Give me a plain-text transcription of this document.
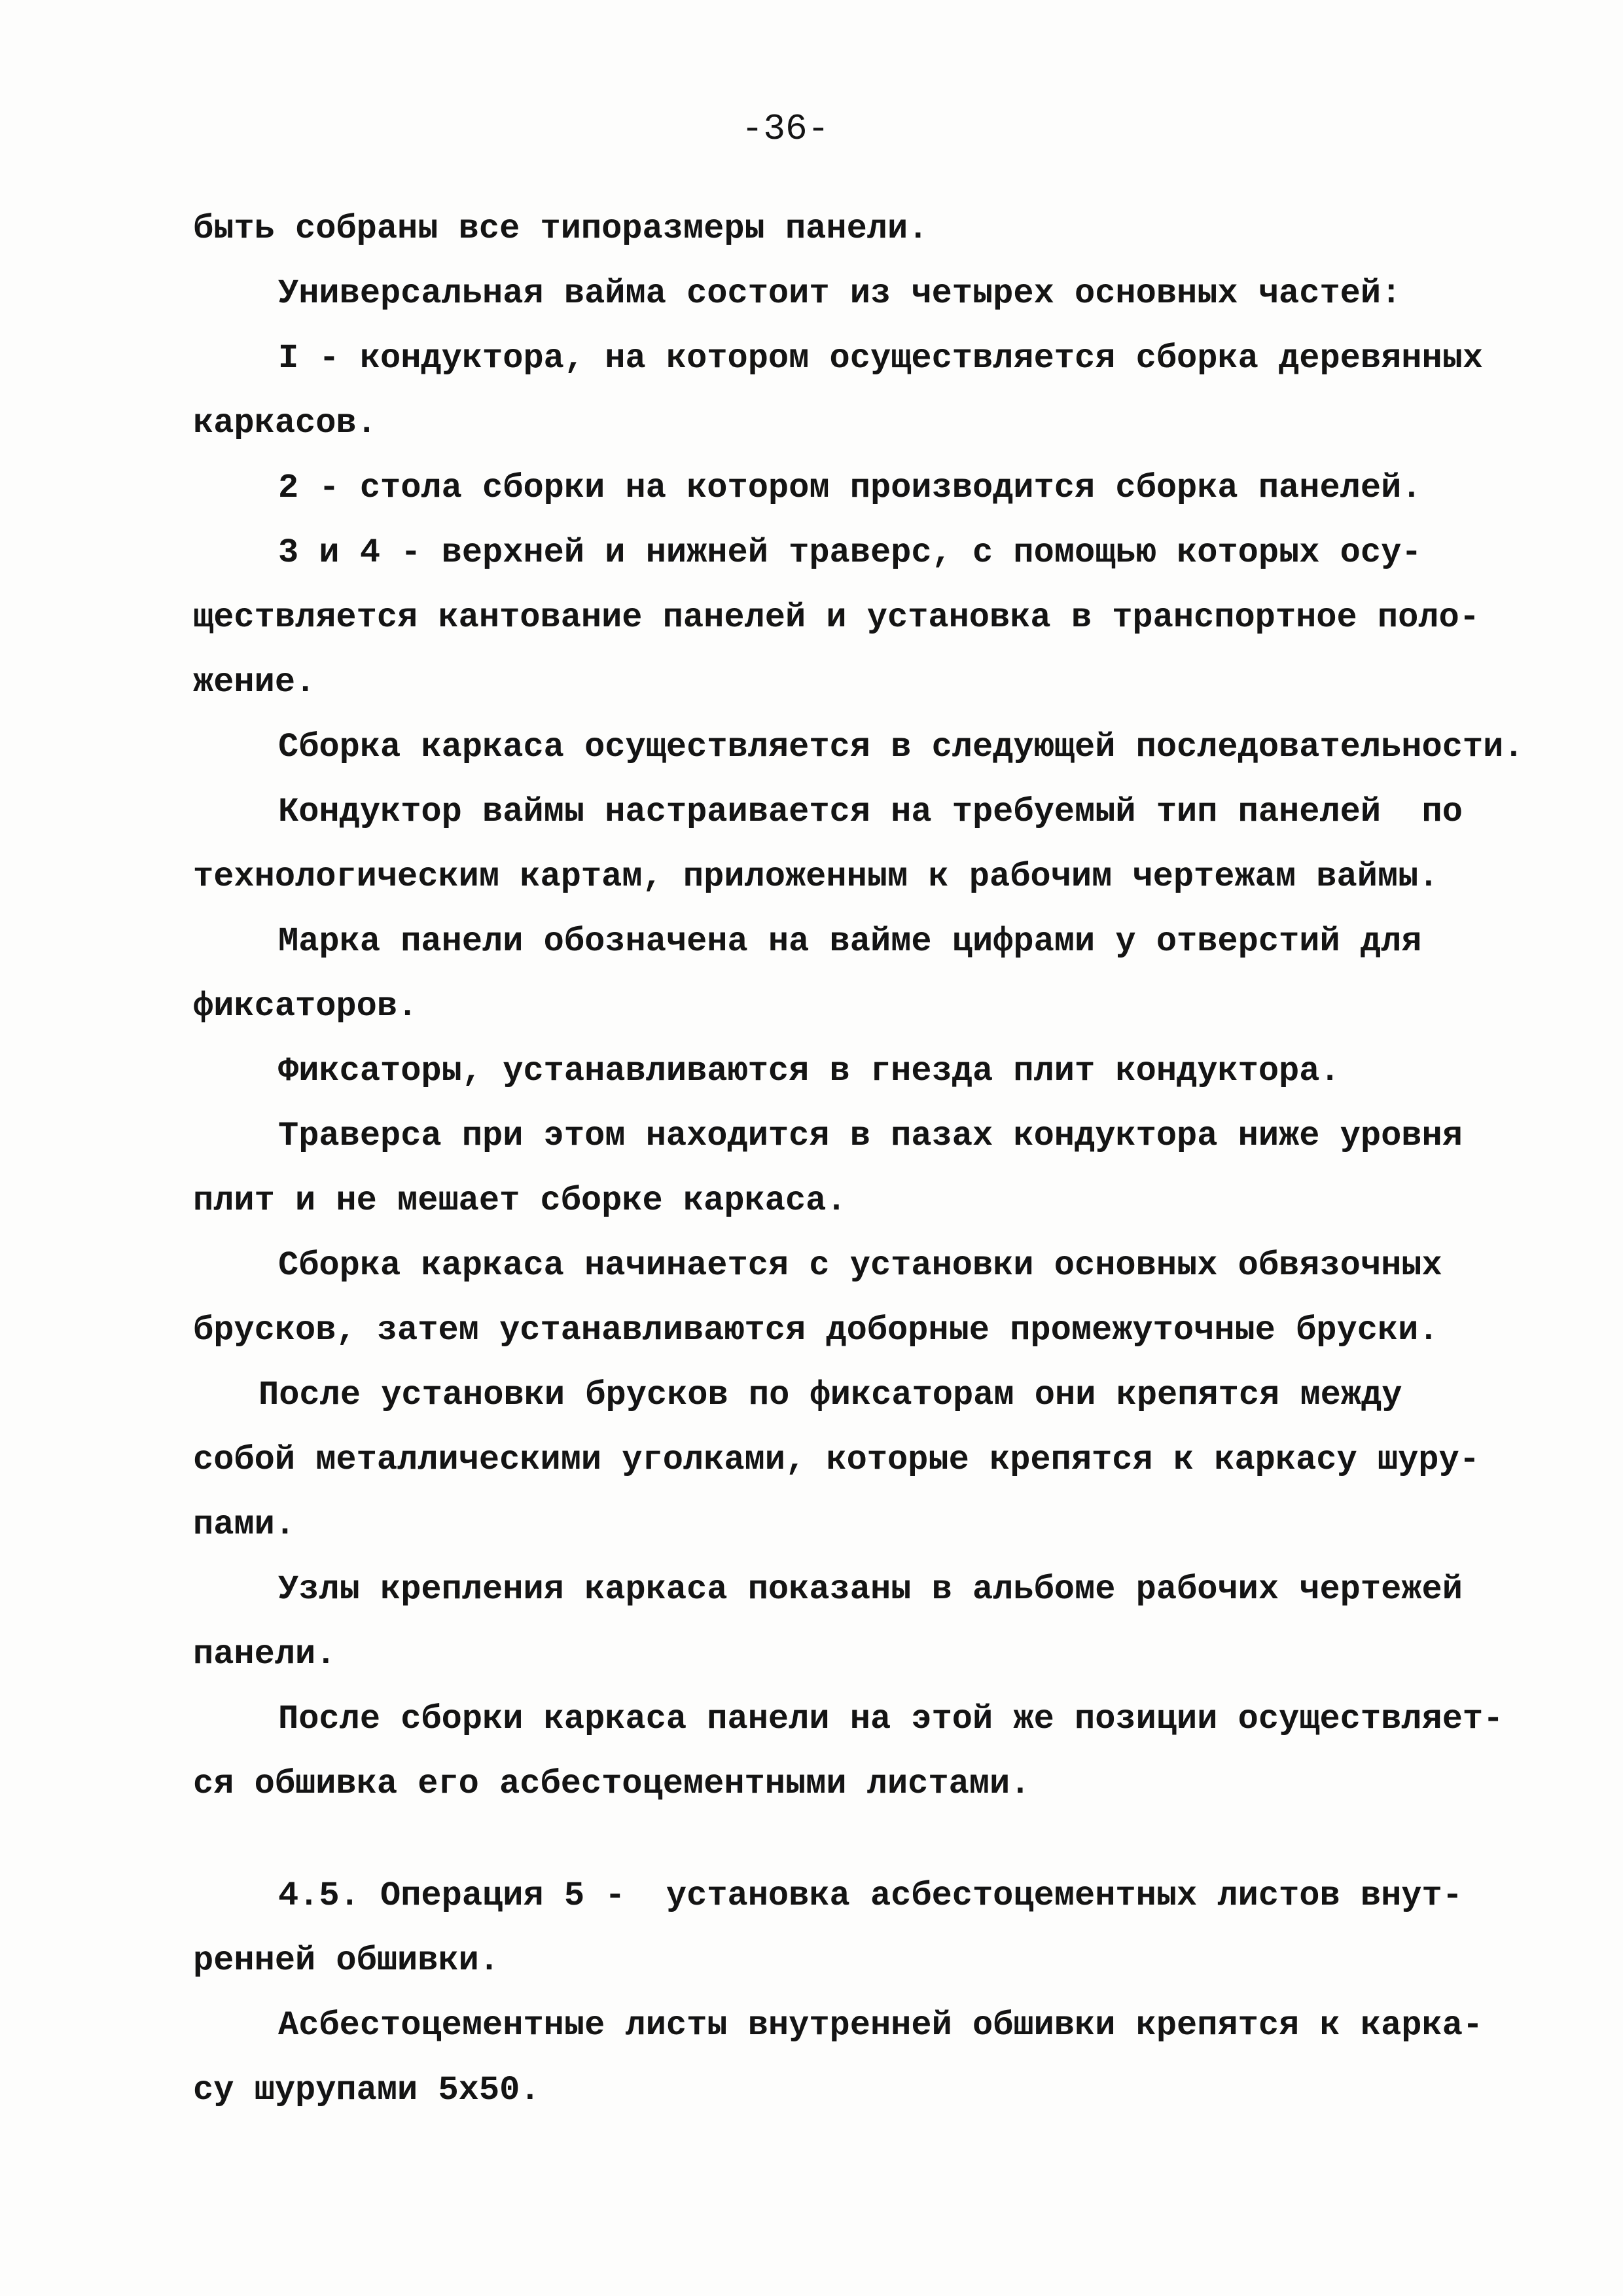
-36-
быть собраны все типоразмеры панели.
Универсальная вайма состоит из четырех основных частей:
I - кондуктора, на котором осуществляется сборка деревянных
каркасов.
2 - стола сборки на котором производится сборка панелей.
3 и 4 - верхней и нижней траверс, с помощью которых осу-
ществляется кантование панелей и установка в транспортное поло-
жение.
Сборка каркаса осуществляется в следующей последовательности.
Кондуктор ваймы настраивается на требуемый тип панелей  по
технологическим картам, приложенным к рабочим чертежам ваймы.
Марка панели обозначена на вайме цифрами у отверстий для
фиксаторов.
Фиксаторы, устанавливаются в гнезда плит кондуктора.
Траверса при этом находится в пазах кондуктора ниже уровня
плит и не мешает сборке каркаса.
Сборка каркаса начинается с установки основных обвязочных
брусков, затем устанавливаются доборные промежуточные бруски.
После установки брусков по фиксаторам они крепятся между
собой металлическими уголками, которые крепятся к каркасу шуру-
пами.
Узлы крепления каркаса показаны в альбоме рабочих чертежей
панели.
После сборки каркаса панели на этой же позиции осуществляет-
ся обшивка его асбестоцементными листами.
4.5. Операция 5 -  установка асбестоцементных листов внут-
ренней обшивки.
Асбестоцементные листы внутренней обшивки крепятся к карка-
су шурупами 5х50.
